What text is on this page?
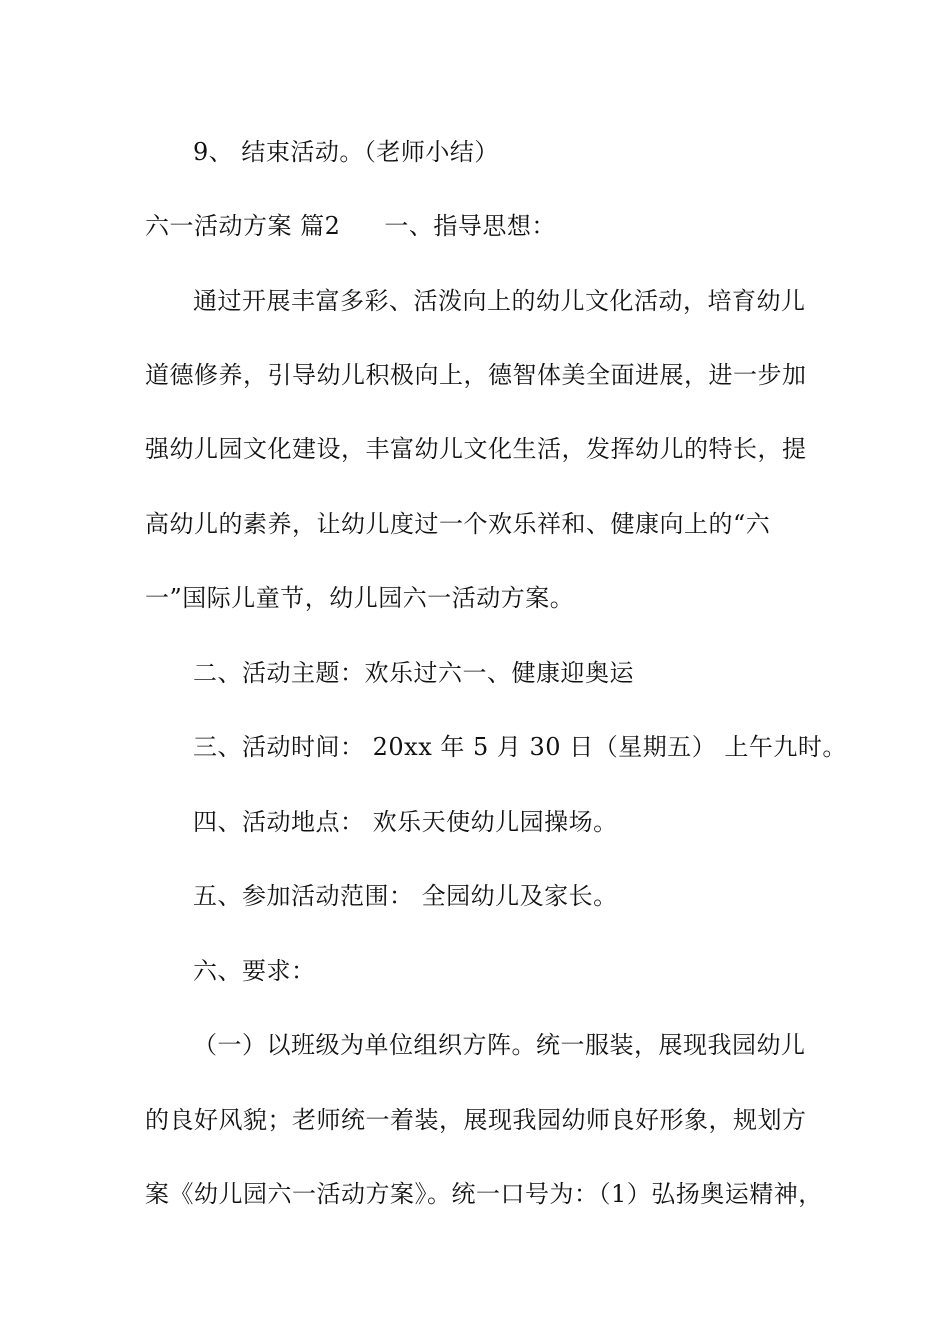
9、 结束活动。（老师小结）
六一活动方案 篇2 一、指导思想：
通过开展丰富多彩、活泼向上的幼儿文化活动，培育幼儿
道德修养，引导幼儿积极向上，德智体美全面进展，进一步加
强幼儿园文化建设，丰富幼儿文化生活，发挥幼儿的特长，提
高幼儿的素养，让幼儿度过一个欢乐祥和、健康向上的“六
一”国际儿童节，幼儿园六一活动方案。
二、活动主题：欢乐过六一、健康迎奥运
三、活动时间： 20xx 年 5 月 30 日（星期五） 上午九时。
四、活动地点： 欢乐天使幼儿园操场。
五、参加活动范围： 全园幼儿及家长。
六、要求：
（一）以班级为单位组织方阵。统一服装，展现我园幼儿
的良好风貌；老师统一着装，展现我园幼师良好形象，规划方
案《幼儿园六一活动方案》。统一口号为：（1）弘扬奥运精神，
